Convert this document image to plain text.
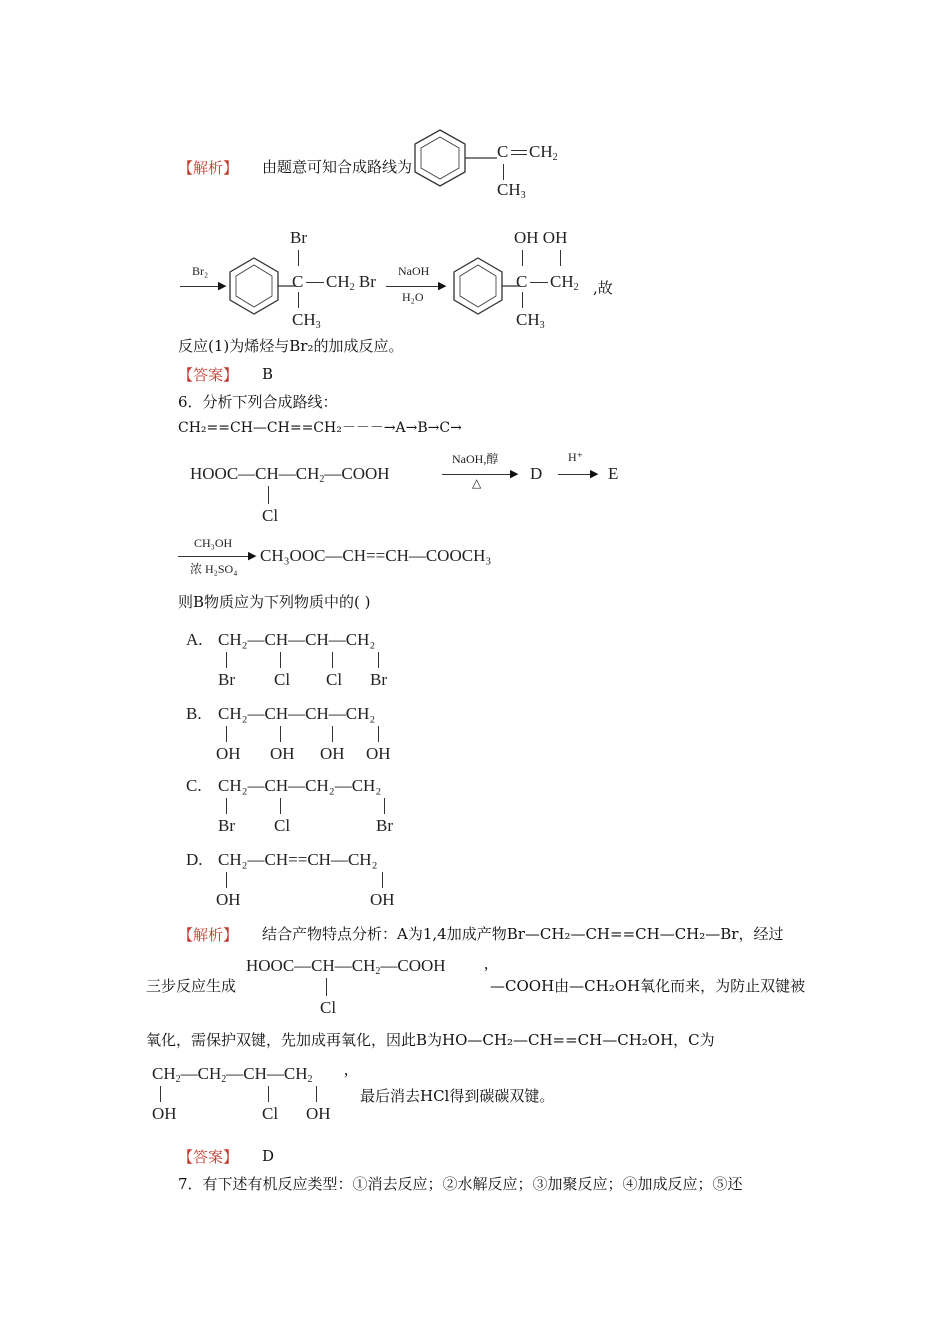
【解析】 由题意可知合成路线为
C $CH_2$
$CH_3$
Br₂
▶
Br
C $CH_2$ Br
$CH_3$
NaOH
▶
H₂O
OH OH
C $CH_2$
$CH_3$
,故
反应(1)为烯烃与Br₂的加成反应。
【答案】 B
6．分析下列合成路线：
CH₂==CH—CH==CH₂－－－→A→B→C→
$HOOC—CH—CH_2—COOH$
Cl
NaOH,醇
▶
△	D
H⁺
▶ E
CH₃OH
▶
浓 H₂SO₄
CH₃OOC—CH==CH—COOCH₃
则B物质应为下列物质中的( )
A. CH₂—CH—CH—CH₂
Br Cl Cl Br
B. CH₂—CH—CH—CH₂
OH OH OH OH
C. CH₂—CH—CH₂—CH₂
Br Cl	Br
D. CH₂—CH==CH—CH₂
OH	OH
【解析】 结合产物特点分析：A为1,4加成产物Br—CH₂—CH==CH—CH₂—Br，经过
三步反应生成
$HOOC—CH—CH_2—COOH$ ,
Cl
—COOH由—CH₂OH氧化而来，为防止双键被
氧化，需保护双键，先加成再氧化，因此B为HO—CH₂—CH==CH—CH₂OH，C为
$CH_2—CH_2—CH—CH_2$
,
OH	Cl OH
最后消去HCl得到碳碳双键。
【答案】 D
7．有下述有机反应类型：①消去反应；②水解反应；③加聚反应；④加成反应；⑤还
